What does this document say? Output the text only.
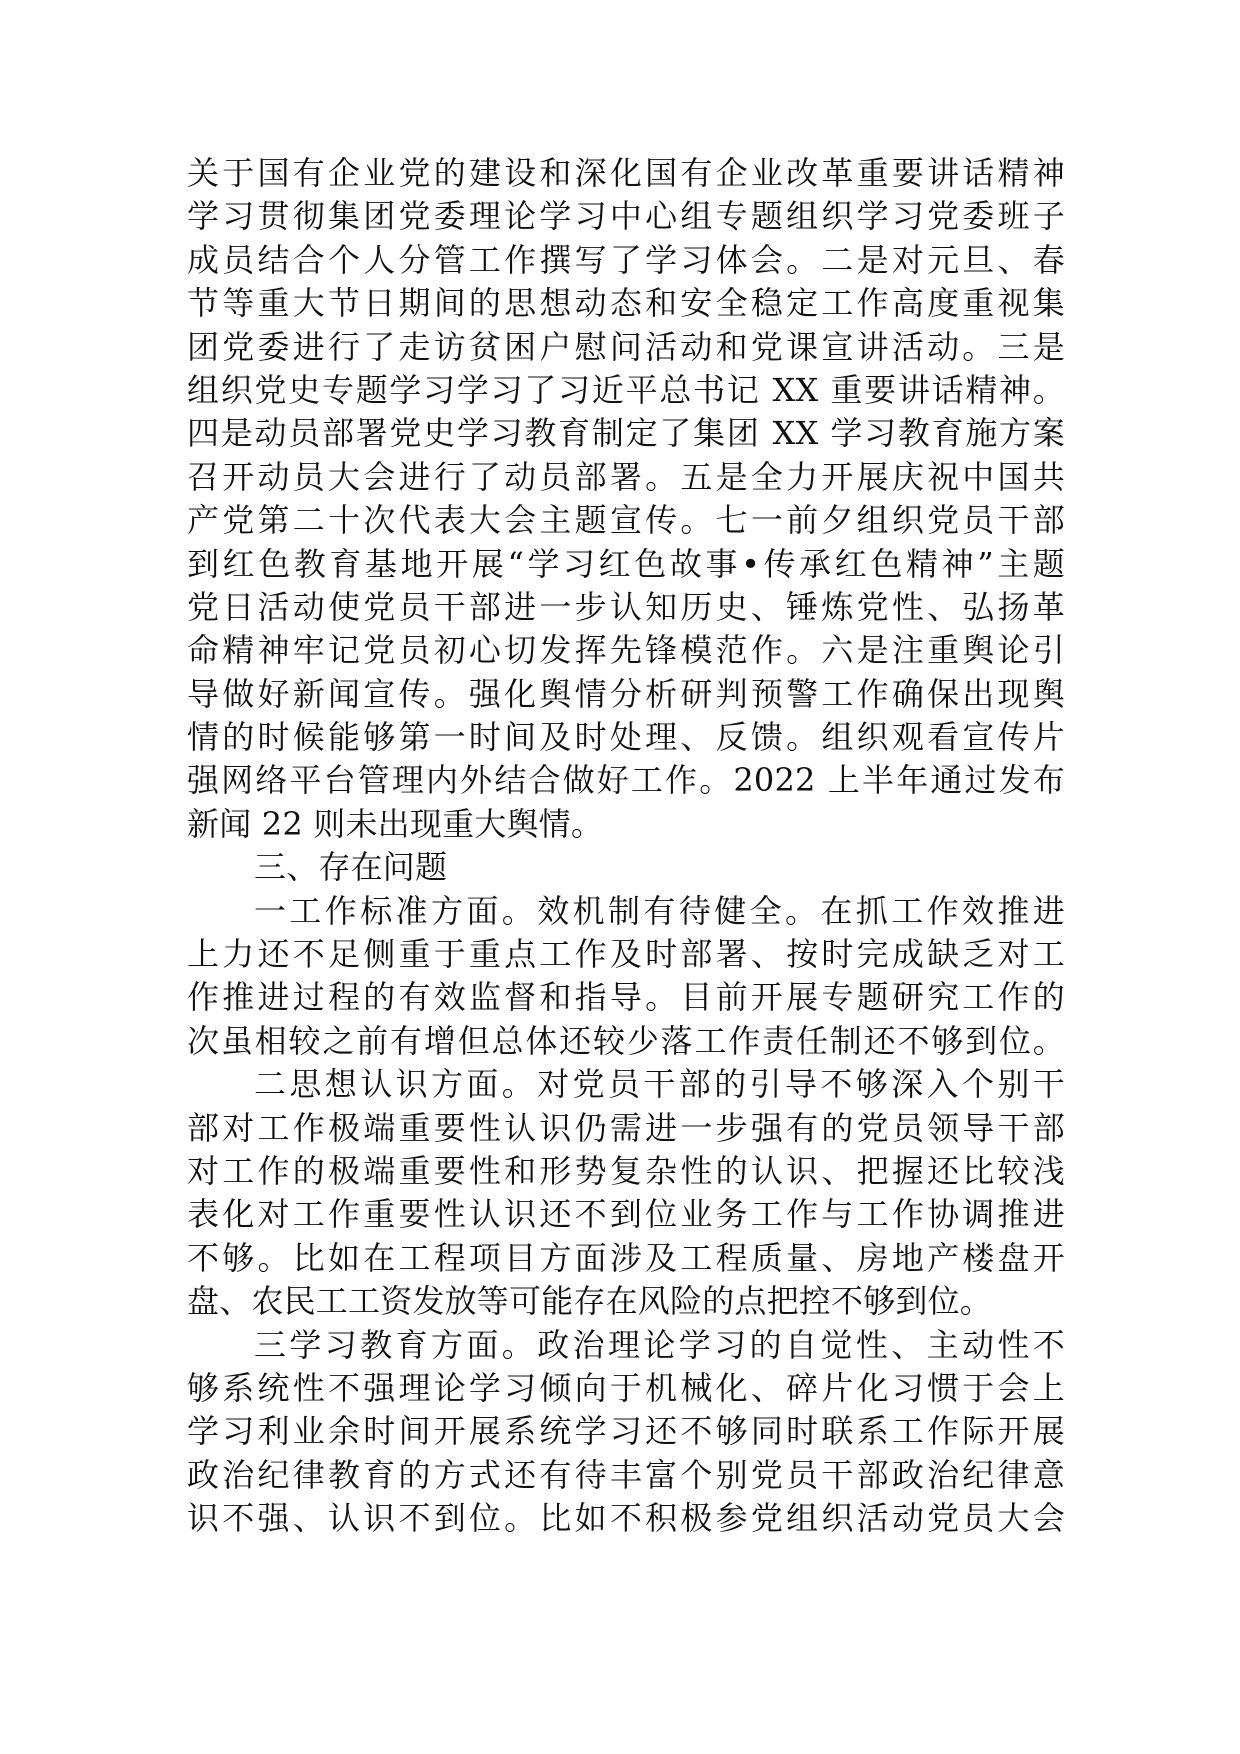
关于国有企业党的建设和深化国有企业改革重要讲话精神
学习贯彻集团党委理论学习中心组专题组织学习党委班子
成员结合个人分管工作撰写了学习体会。二是对元旦、春
节等重大节日期间的思想动态和安全稳定工作高度重视集
团党委进行了走访贫困户慰问活动和党课宣讲活动。三是
组织党史专题学习学习了习近平总书记 XX 重要讲话精神。
四是动员部署党史学习教育制定了集团 XX 学习教育施方案
召开动员大会进行了动员部署。五是全力开展庆祝中国共
产党第二十次代表大会主题宣传。七一前夕组织党员干部
到红色教育基地开展“学习红色故事•传承红色精神”主题
党日活动使党员干部进一步认知历史、锤炼党性、弘扬革
命精神牢记党员初心切发挥先锋模范作。六是注重舆论引
导做好新闻宣传。强化舆情分析研判预警工作确保出现舆
情的时候能够第一时间及时处理、反馈。组织观看宣传片
强网络平台管理内外结合做好工作。2022 上半年通过发布
新闻 22 则未出现重大舆情。
三、存在问题
一工作标准方面。效机制有待健全。在抓工作效推进
上力还不足侧重于重点工作及时部署、按时完成缺乏对工
作推进过程的有效监督和指导。目前开展专题研究工作的
次虽相较之前有增但总体还较少落工作责任制还不够到位。
二思想认识方面。对党员干部的引导不够深入个别干
部对工作极端重要性认识仍需进一步强有的党员领导干部
对工作的极端重要性和形势复杂性的认识、把握还比较浅
表化对工作重要性认识还不到位业务工作与工作协调推进
不够。比如在工程项目方面涉及工程质量、房地产楼盘开
盘、农民工工资发放等可能存在风险的点把控不够到位。
三学习教育方面。政治理论学习的自觉性、主动性不
够系统性不强理论学习倾向于机械化、碎片化习惯于会上
学习利业余时间开展系统学习还不够同时联系工作际开展
政治纪律教育的方式还有待丰富个别党员干部政治纪律意
识不强、认识不到位。比如不积极参党组织活动党员大会
